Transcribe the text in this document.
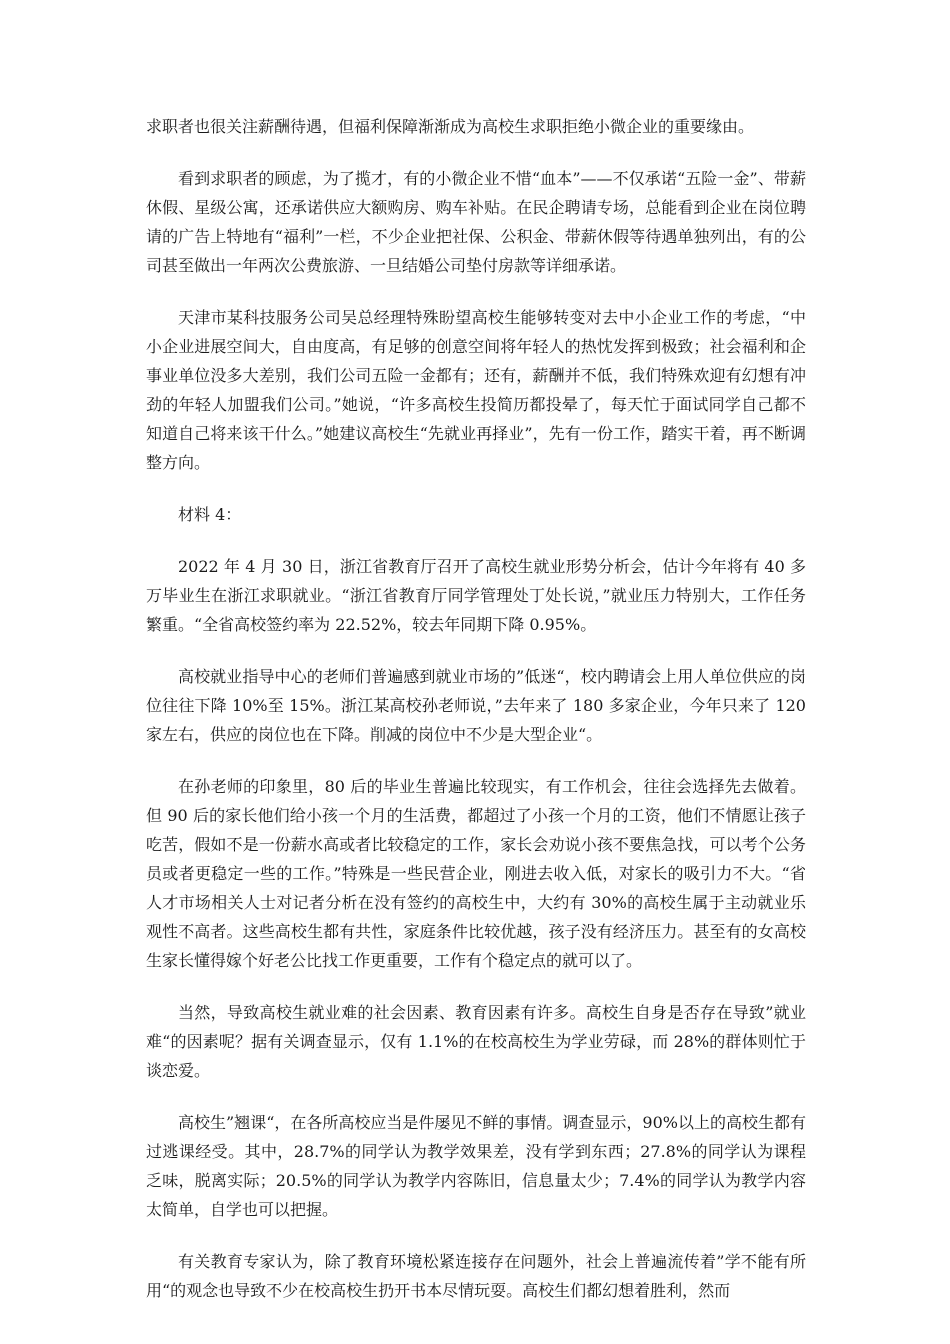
求职者也很关注薪酬待遇，但福利保障渐渐成为高校生求职拒绝小微企业的重要缘由。

看到求职者的顾虑，为了揽才，有的小微企业不惜“血本”——不仅承诺“五险一金”、带薪休假、星级公寓，还承诺供应大额购房、购车补贴。在民企聘请专场，总能看到企业在岗位聘请的广告上特地有“福利”一栏，不少企业把社保、公积金、带薪休假等待遇单独列出，有的公司甚至做出一年两次公费旅游、一旦结婚公司垫付房款等详细承诺。

天津市某科技服务公司吴总经理特殊盼望高校生能够转变对去中小企业工作的考虑，“中小企业进展空间大，自由度高，有足够的创意空间将年轻人的热忱发挥到极致；社会福利和企事业单位没多大差别，我们公司五险一金都有；还有，薪酬并不低，我们特殊欢迎有幻想有冲劲的年轻人加盟我们公司。”她说，“许多高校生投简历都投晕了，每天忙于面试同学自己都不知道自己将来该干什么。”她建议高校生“先就业再择业”，先有一份工作，踏实干着，再不断调整方向。

材料 4：

2022 年 4 月 30 日，浙江省教育厅召开了高校生就业形势分析会，估计今年将有 40 多万毕业生在浙江求职就业。“浙江省教育厅同学管理处丁处长说，”就业压力特别大，工作任务繁重。“全省高校签约率为 22.52%，较去年同期下降 0.95%。

高校就业指导中心的老师们普遍感到就业市场的”低迷“，校内聘请会上用人单位供应的岗位往往下降 10%至 15%。浙江某高校孙老师说，”去年来了 180 多家企业，今年只来了 120 家左右，供应的岗位也在下降。削减的岗位中不少是大型企业“。

在孙老师的印象里，80 后的毕业生普遍比较现实，有工作机会，往往会选择先去做着。但 90 后的家长他们给小孩一个月的生活费，都超过了小孩一个月的工资，他们不情愿让孩子吃苦，假如不是一份薪水高或者比较稳定的工作，家长会劝说小孩不要焦急找，可以考个公务员或者更稳定一些的工作。”特殊是一些民营企业，刚进去收入低，对家长的吸引力不大。“省人才市场相关人士对记者分析在没有签约的高校生中，大约有 30%的高校生属于主动就业乐观性不高者。这些高校生都有共性，家庭条件比较优越，孩子没有经济压力。甚至有的女高校生家长懂得嫁个好老公比找工作更重要，工作有个稳定点的就可以了。

当然，导致高校生就业难的社会因素、教育因素有许多。高校生自身是否存在导致”就业难“的因素呢？据有关调查显示，仅有 1.1%的在校高校生为学业劳碌，而 28%的群体则忙于谈恋爱。

高校生”翘课“，在各所高校应当是件屡见不鲜的事情。调查显示，90%以上的高校生都有过逃课经受。其中，28.7%的同学认为教学效果差，没有学到东西；27.8%的同学认为课程乏味，脱离实际；20.5%的同学认为教学内容陈旧，信息量太少；7.4%的同学认为教学内容太简单，自学也可以把握。

有关教育专家认为，除了教育环境松紧连接存在问题外，社会上普遍流传着”学不能有所用“的观念也导致不少在校高校生扔开书本尽情玩耍。高校生们都幻想着胜利，然而
